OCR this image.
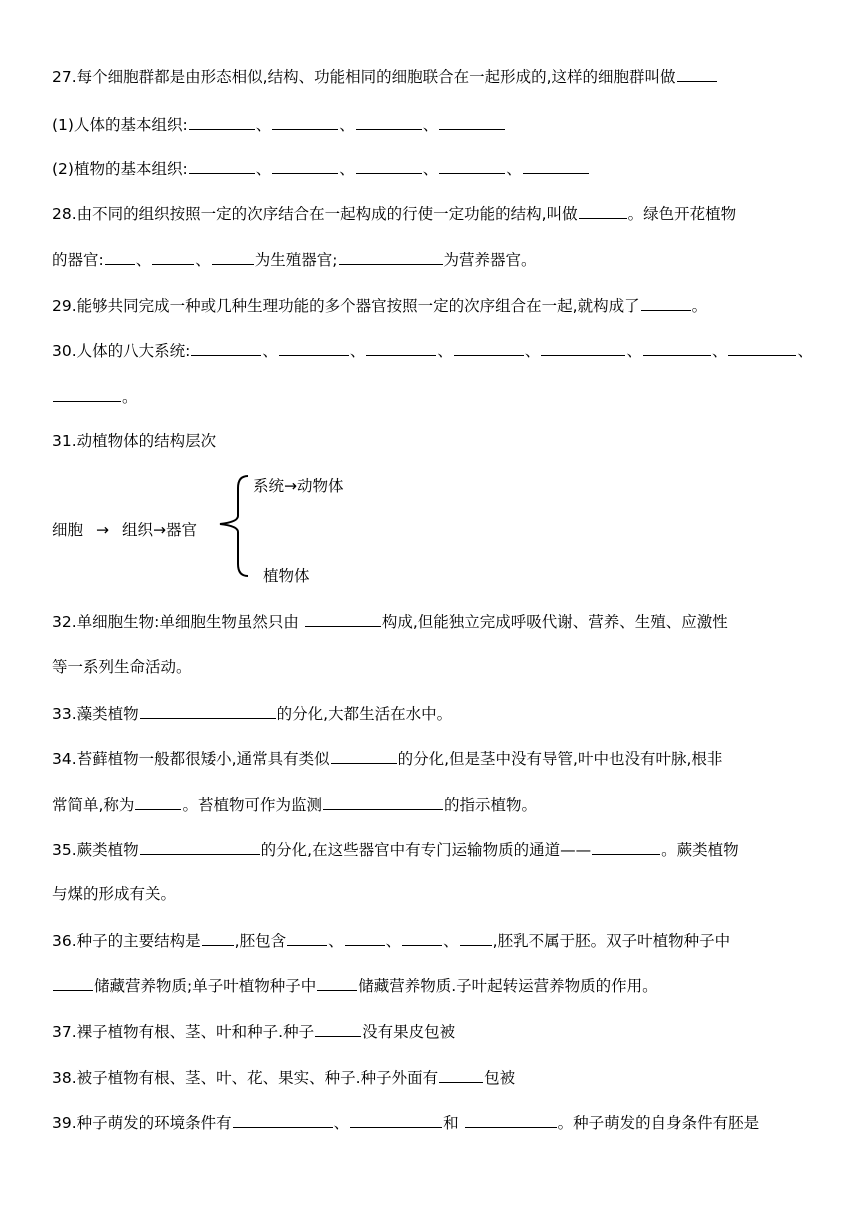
27.每个细胞群都是由形态相似,结构、功能相同的细胞联合在一起形成的,这样的细胞群叫做
(1)人体的基本组织:	、	、	、
(2)植物的基本组织:	、	、	、	、
28.由不同的组织按照一定的次序结合在一起构成的行使一定功能的结构,叫做	。绿色开花植物
的器官: 、	、	为生殖器官;	为营养器官。
29.能够共同完成一种或几种生理功能的多个器官按照一定的次序组合在一起,就构成了	。
30.人体的八大系统:	、	、	、	、	、	、	、
。
31.动植物体的结构层次
细胞 → 组织→器官
系统→动物体
植物体
32.单细胞生物:单细胞生物虽然只由	构成,但能独立完成呼吸代谢、营养、生殖、应激性
等一系列生命活动。
33.藻类植物	的分化,大都生活在水中。
34.苔藓植物一般都很矮小,通常具有类似	的分化,但是茎中没有导管,叶中也没有叶脉,根非
常简单,称为	。苔植物可作为监测	的指示植物。
35.蕨类植物	的分化,在这些器官中有专门运输物质的通道——	。蕨类植物
与煤的形成有关。
36.种子的主要结构是 ,胚包含	、	、	、 ,胚乳不属于胚。双子叶植物种子中
储藏营养物质;单子叶植物种子中	储藏营养物质.子叶起转运营养物质的作用。
37.裸子植物有根、茎、叶和种子.种子	没有果皮包被
38.被子植物有根、茎、叶、花、果实、种子.种子外面有	包被
39.种子萌发的环境条件有	、	和	。种子萌发的自身条件有胚是
